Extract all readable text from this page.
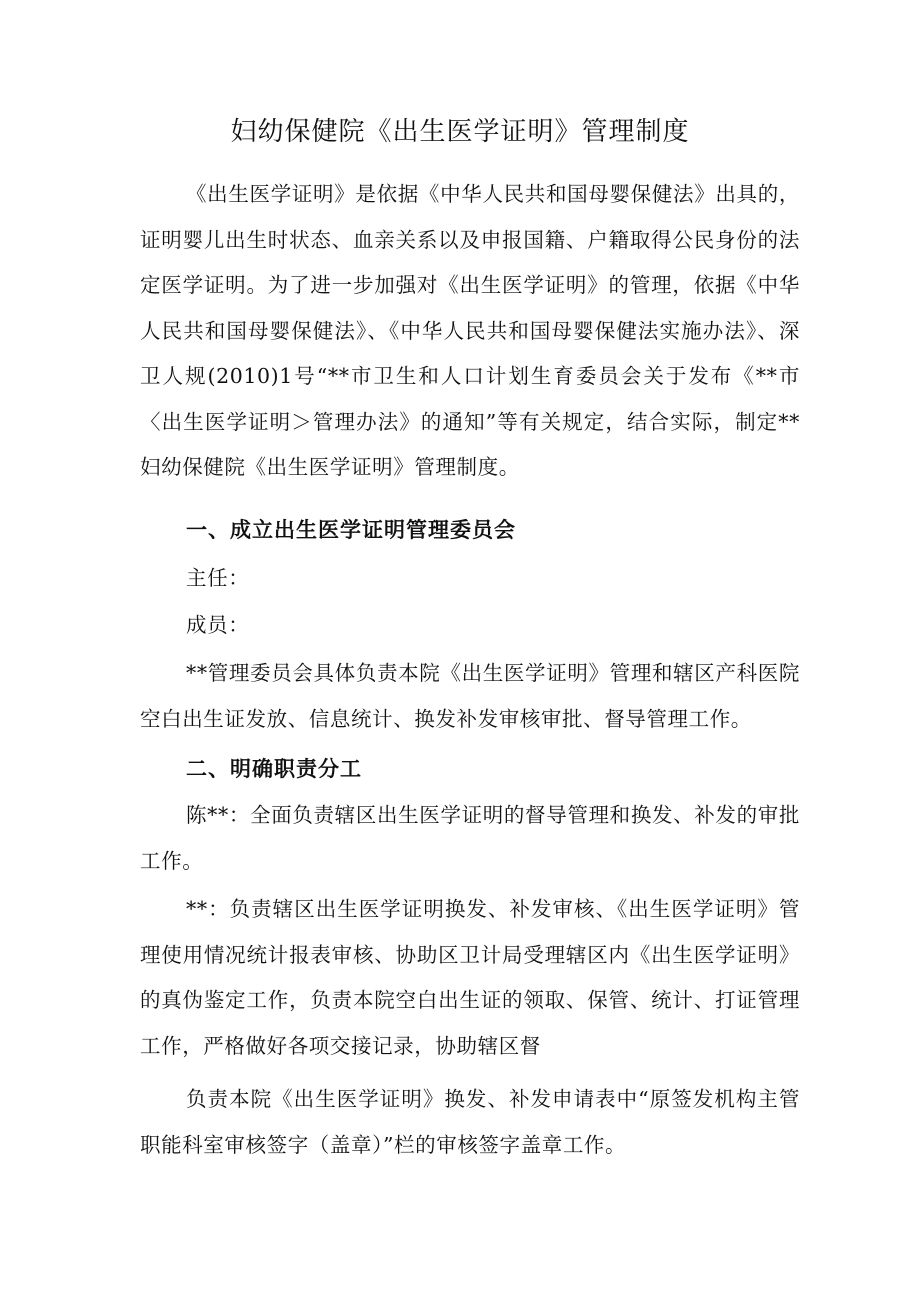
妇幼保健院《出生医学证明》管理制度

《出生医学证明》是依据《中华人民共和国母婴保健法》出具的，证明婴儿出生时状态、血亲关系以及申报国籍、户籍取得公民身份的法定医学证明。为了进一步加强对《出生医学证明》的管理，依据《中华人民共和国母婴保健法》、《中华人民共和国母婴保健法实施办法》、深卫人规(2010)1号“**市卫生和人口计划生育委员会关于发布《**市〈出生医学证明＞管理办法》的通知”等有关规定，结合实际，制定**妇幼保健院《出生医学证明》管理制度。

一、成立出生医学证明管理委员会

主任：

成员：

**管理委员会具体负责本院《出生医学证明》管理和辖区产科医院空白出生证发放、信息统计、换发补发审核审批、督导管理工作。

二、明确职责分工

陈**：全面负责辖区出生医学证明的督导管理和换发、补发的审批工作。

**：负责辖区出生医学证明换发、补发审核、《出生医学证明》管理使用情况统计报表审核、协助区卫计局受理辖区内《出生医学证明》的真伪鉴定工作，负责本院空白出生证的领取、保管、统计、打证管理工作，严格做好各项交接记录，协助辖区督

负责本院《出生医学证明》换发、补发申请表中“原签发机构主管职能科室审核签字（盖章）”栏的审核签字盖章工作。
